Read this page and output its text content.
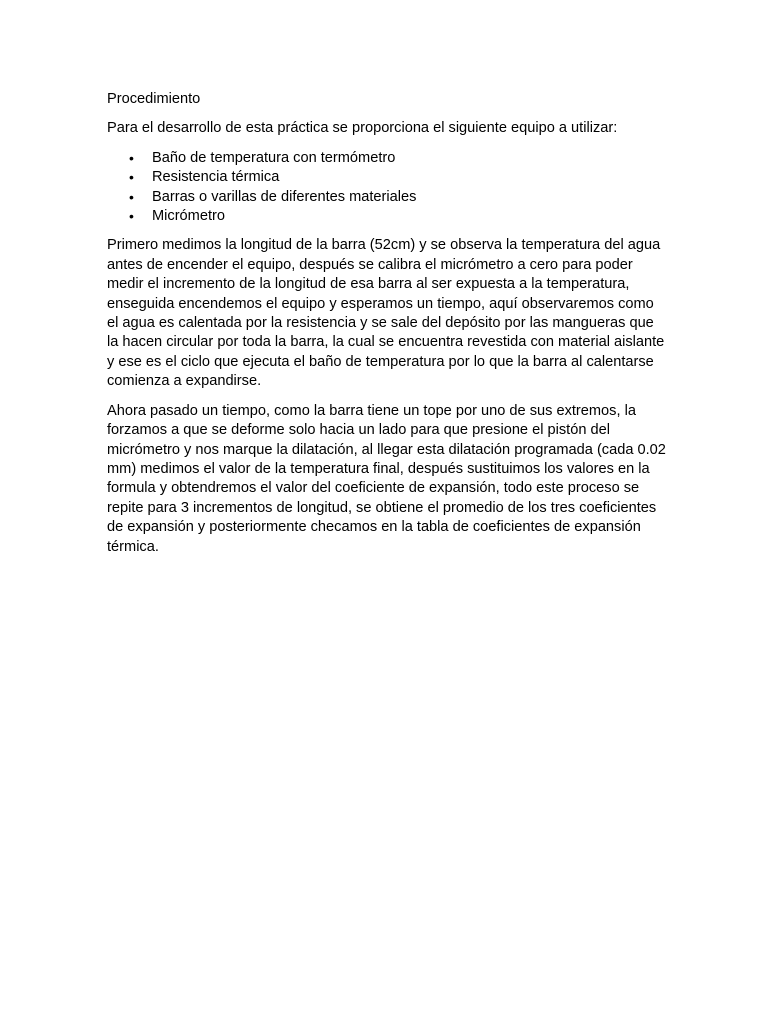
Procedimiento

Para el desarrollo de esta práctica se proporciona el siguiente equipo a utilizar:

• Baño de temperatura con termómetro
• Resistencia térmica
• Barras o varillas de diferentes materiales
• Micrómetro

Primero medimos la longitud de la barra (52cm) y se observa la temperatura del agua antes de encender el equipo, después se calibra el micrómetro a cero para poder medir el incremento de la longitud de esa barra al ser expuesta a la temperatura, enseguida encendemos el equipo y esperamos un tiempo, aquí observaremos como el agua es calentada por la resistencia y se sale del depósito por las mangueras que la hacen circular por toda la barra, la cual se encuentra revestida con material aislante y ese es el ciclo que ejecuta el baño de temperatura por lo que la barra al calentarse comienza a expandirse.

Ahora pasado un tiempo, como la barra tiene un tope por uno de sus extremos, la forzamos a que se deforme solo hacia un lado para que presione el pistón del micrómetro y nos marque la dilatación, al llegar esta dilatación programada (cada 0.02 mm) medimos el valor de la temperatura final, después sustituimos los valores en la formula y obtendremos el valor del coeficiente de expansión, todo este proceso se repite para 3 incrementos de longitud, se obtiene el promedio de los tres coeficientes de expansión y posteriormente checamos en la tabla de coeficientes de expansión térmica.
